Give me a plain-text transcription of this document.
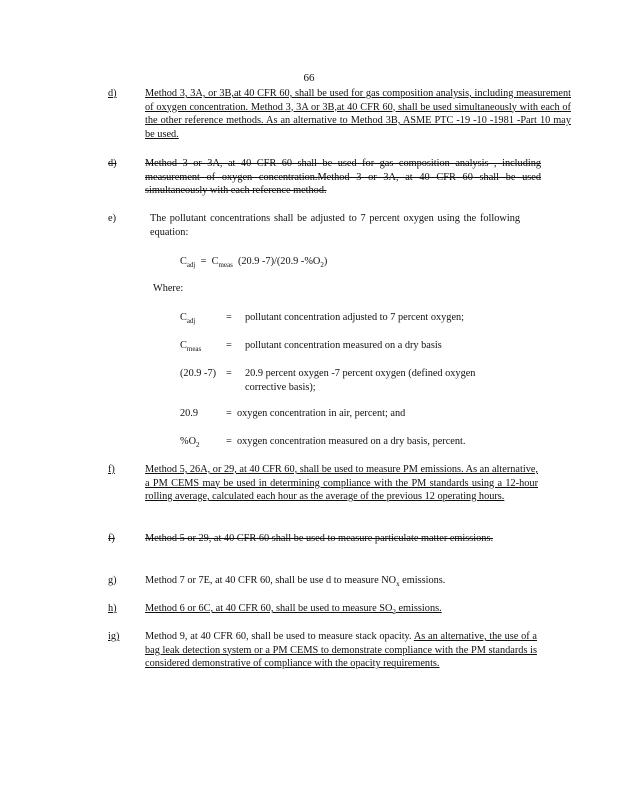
66
d)	Method 3, 3A, or 3B,at 40 CFR 60, shall be used for gas composition analysis, including measurement of oxygen concentration. Method 3, 3A or 3B,at 40 CFR 60, shall be used simultaneously with each of the other reference methods. As an alternative to Method 3B, ASME PTC -19 -10 -1981 -Part 10 may be used.
d)	Method 3 or 3A, at 40 CFR 60 shall be used for gas composition analysis , including measurement of oxygen concentration.Method 3 or 3A, at 40 CFR 60 shall be used simultaneously with each reference method.
e)	The pollutant concentrations shall be adjusted to 7 percent oxygen using the following equation:
$C_{adj} = C_{meas}$ (20.9 -7)/(20.9 $-\%O_2$)
Where:
$C_{adj}$	= pollutant concentration adjusted to 7 percent oxygen;
$C_{meas}$ = pollutant concentration measured on a dry basis
(20.9 -7) = 20.9 percent oxygen -7 percent oxygen (defined oxygen corrective basis);
20.9	= oxygen concentration in air, percent; and
$\%O_2$	= oxygen concentration measured on a dry basis, percent.
f)	Method 5, 26A, or 29, at 40 CFR 60, shall be used to measure PM emissions. As an alternative, a PM CEMS may be used in determining compliance with the PM standards using a 12-hour rolling average, calculated each hour as the average of the previous 12 operating hours.
f)	Method 5 or 29, at 40 CFR 60 shall be used to measure particulate matter emissions.
g)	Method 7 or 7E, at 40 CFR 60, shall be use d to measure $NO_x$ emissions.
h)	Method 6 or 6C, at 40 CFR 60, shall be used to measure $SO_2$ emissions.
ig) Method 9, at 40 CFR 60, shall be used to measure stack opacity. As an alternative, the use of a bag leak detection system or a PM CEMS to demonstrate compliance with the PM standards is considered demonstrative of compliance with the opacity requirements.
